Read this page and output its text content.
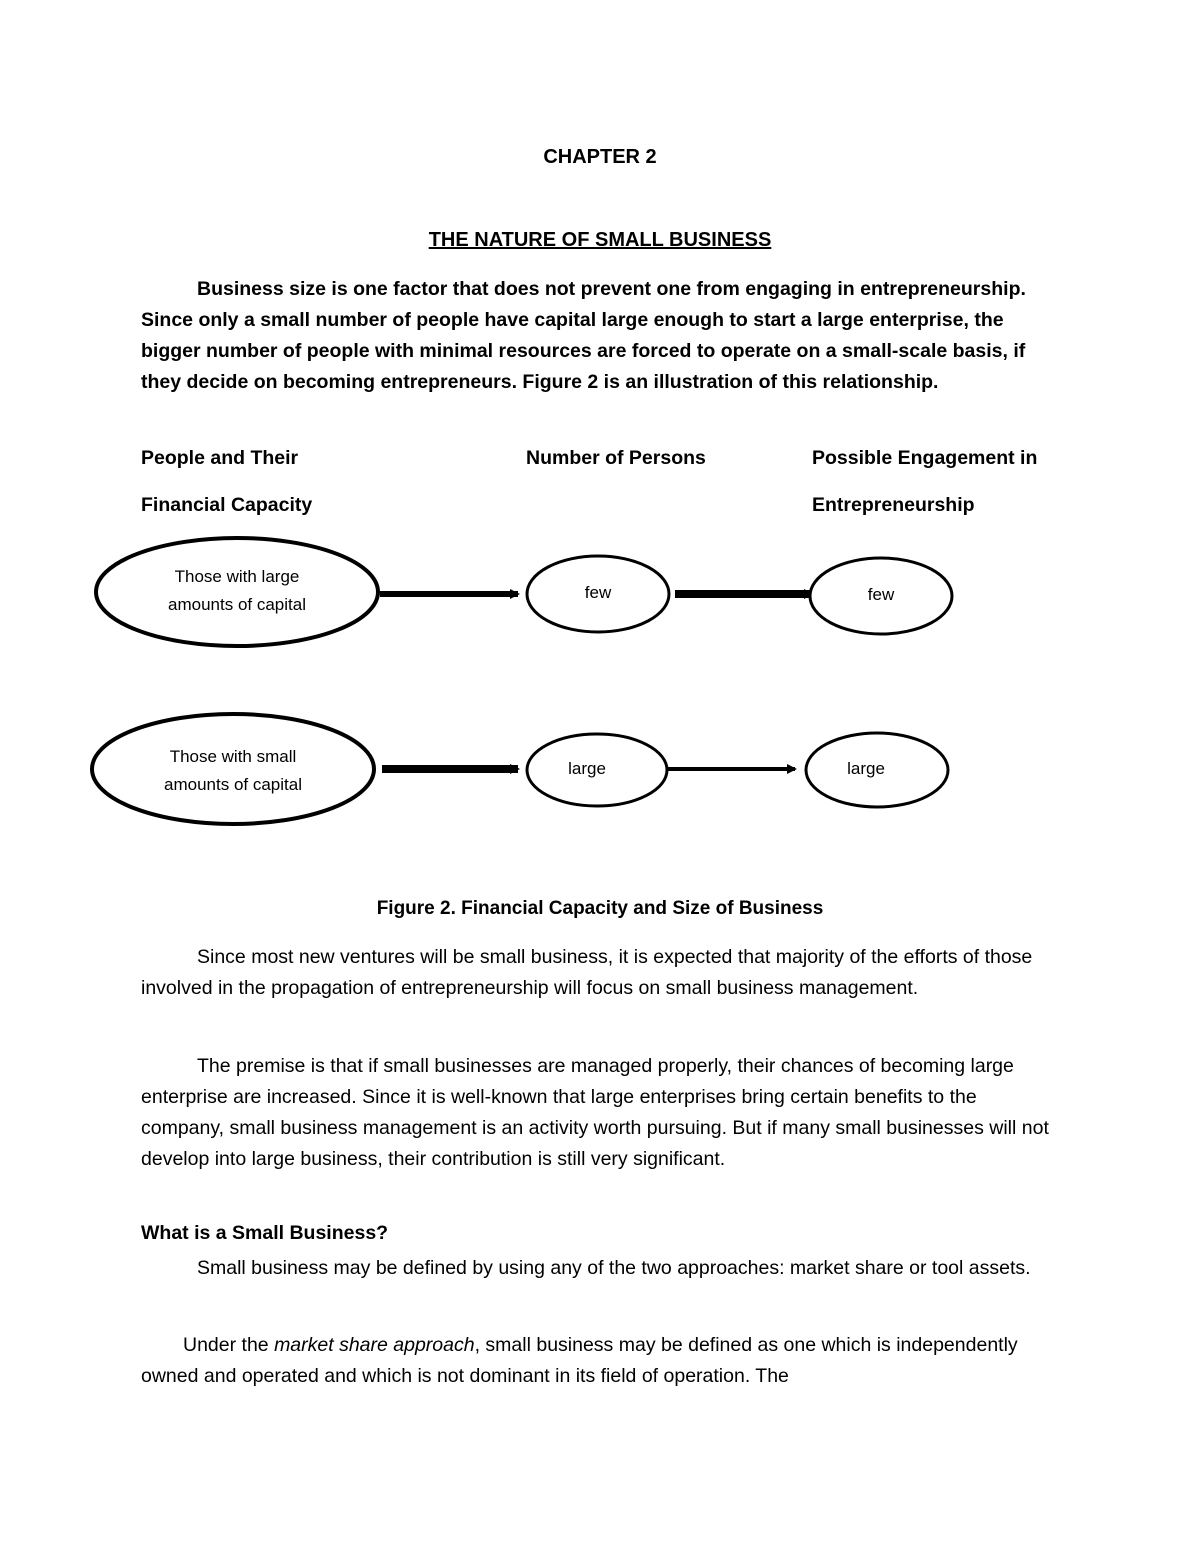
CHAPTER 2
THE NATURE OF SMALL BUSINESS
Business size is one factor that does not prevent one from engaging in entrepreneurship. Since only a small number of people have capital large enough to start a large enterprise, the bigger number of people with minimal resources are forced to operate on a small-scale basis, if they decide on becoming entrepreneurs. Figure 2 is an illustration of this relationship.
People and Their
Financial Capacity
Number of Persons	Possible Engagement in
Entrepreneurship
Those with large
amounts of capital
few	few
Those with small
amounts of capital
large	large
Figure 2. Financial Capacity and Size of Business
Since most new ventures will be small business, it is expected that majority of the efforts of those involved in the propagation of entrepreneurship will focus on small business management.
The premise is that if small businesses are managed properly, their chances of becoming large enterprise are increased. Since it is well-known that large enterprises bring certain benefits to the company, small business management is an activity worth pursuing. But if many small businesses will not develop into large business, their contribution is still very significant.
What is a Small Business?
Small business may be defined by using any of the two approaches: market share or tool assets.
Under the market share approach, small business may be defined as one which is independently owned and operated and which is not dominant in its field of operation. The
